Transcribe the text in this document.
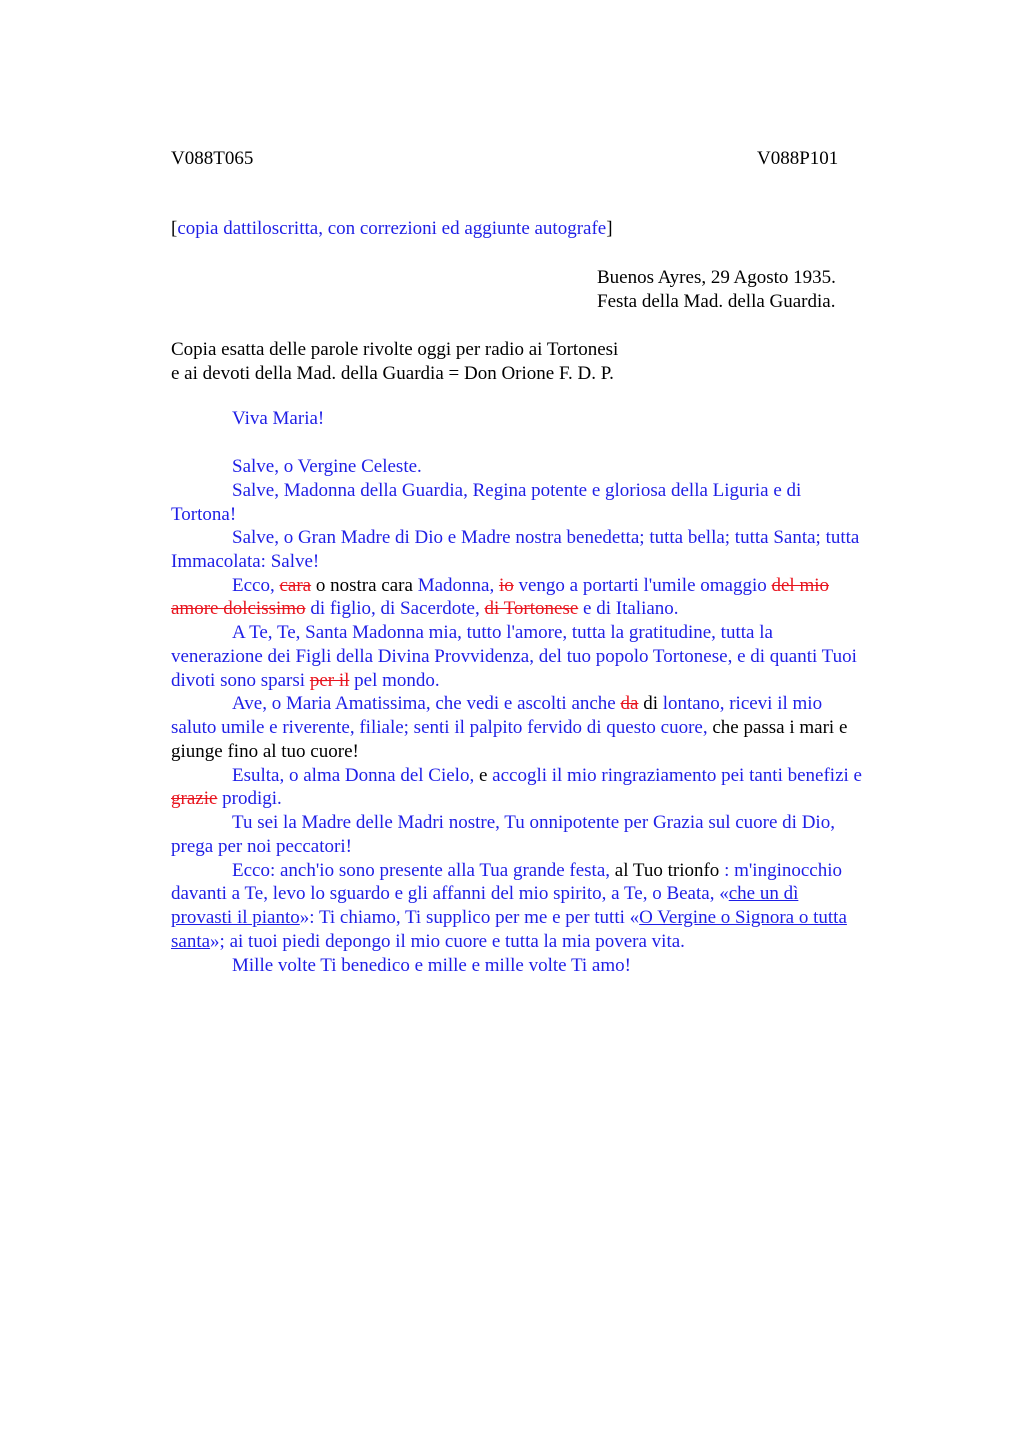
V088T065	V088P101
[copia dattiloscritta, con correzioni ed aggiunte autografe]
Buenos Ayres, 29 Agosto 1935.
Festa della Mad. della Guardia.
Copia esatta delle parole rivolte oggi per radio ai Tortonesi
e ai devoti della Mad. della Guardia = Don Orione F. D. P.
Viva Maria!
Salve, o Vergine Celeste.
Salve, Madonna della Guardia, Regina potente e gloriosa della Liguria e di
Tortona!
Salve, o Gran Madre di Dio e Madre nostra benedetta; tutta bella; tutta Santa; tutta
Immacolata: Salve!
Ecco, cara o nostra cara Madonna, io vengo a portarti l'umile omaggio del mio
amore dolcissimo di figlio, di Sacerdote, di Tortonese e di Italiano.
A Te, Te, Santa Madonna mia, tutto l'amore, tutta la gratitudine, tutta la
venerazione dei Figli della Divina Provvidenza, del tuo popolo Tortonese, e di quanti Tuoi
divoti sono sparsi per il pel mondo.
Ave, o Maria Amatissima, che vedi e ascolti anche da di lontano, ricevi il mio
saluto umile e riverente, filiale; senti il palpito fervido di questo cuore, che passa i mari e
giunge fino al tuo cuore!
Esulta, o alma Donna del Cielo, e accogli il mio ringraziamento pei tanti benefizi e
grazie prodigi.
Tu sei la Madre delle Madri nostre, Tu onnipotente per Grazia sul cuore di Dio,
prega per noi peccatori!
Ecco: anch'io sono presente alla Tua grande festa, al Tuo trionfo : m'inginocchio
davanti a Te, levo lo sguardo e gli affanni del mio spirito, a Te, o Beata, «che un dì
provasti il pianto»: Ti chiamo, Ti supplico per me e per tutti «O Vergine o Signora o tutta
santa»; ai tuoi piedi depongo il mio cuore e tutta la mia povera vita.
Mille volte Ti benedico e mille e mille volte Ti amo!
